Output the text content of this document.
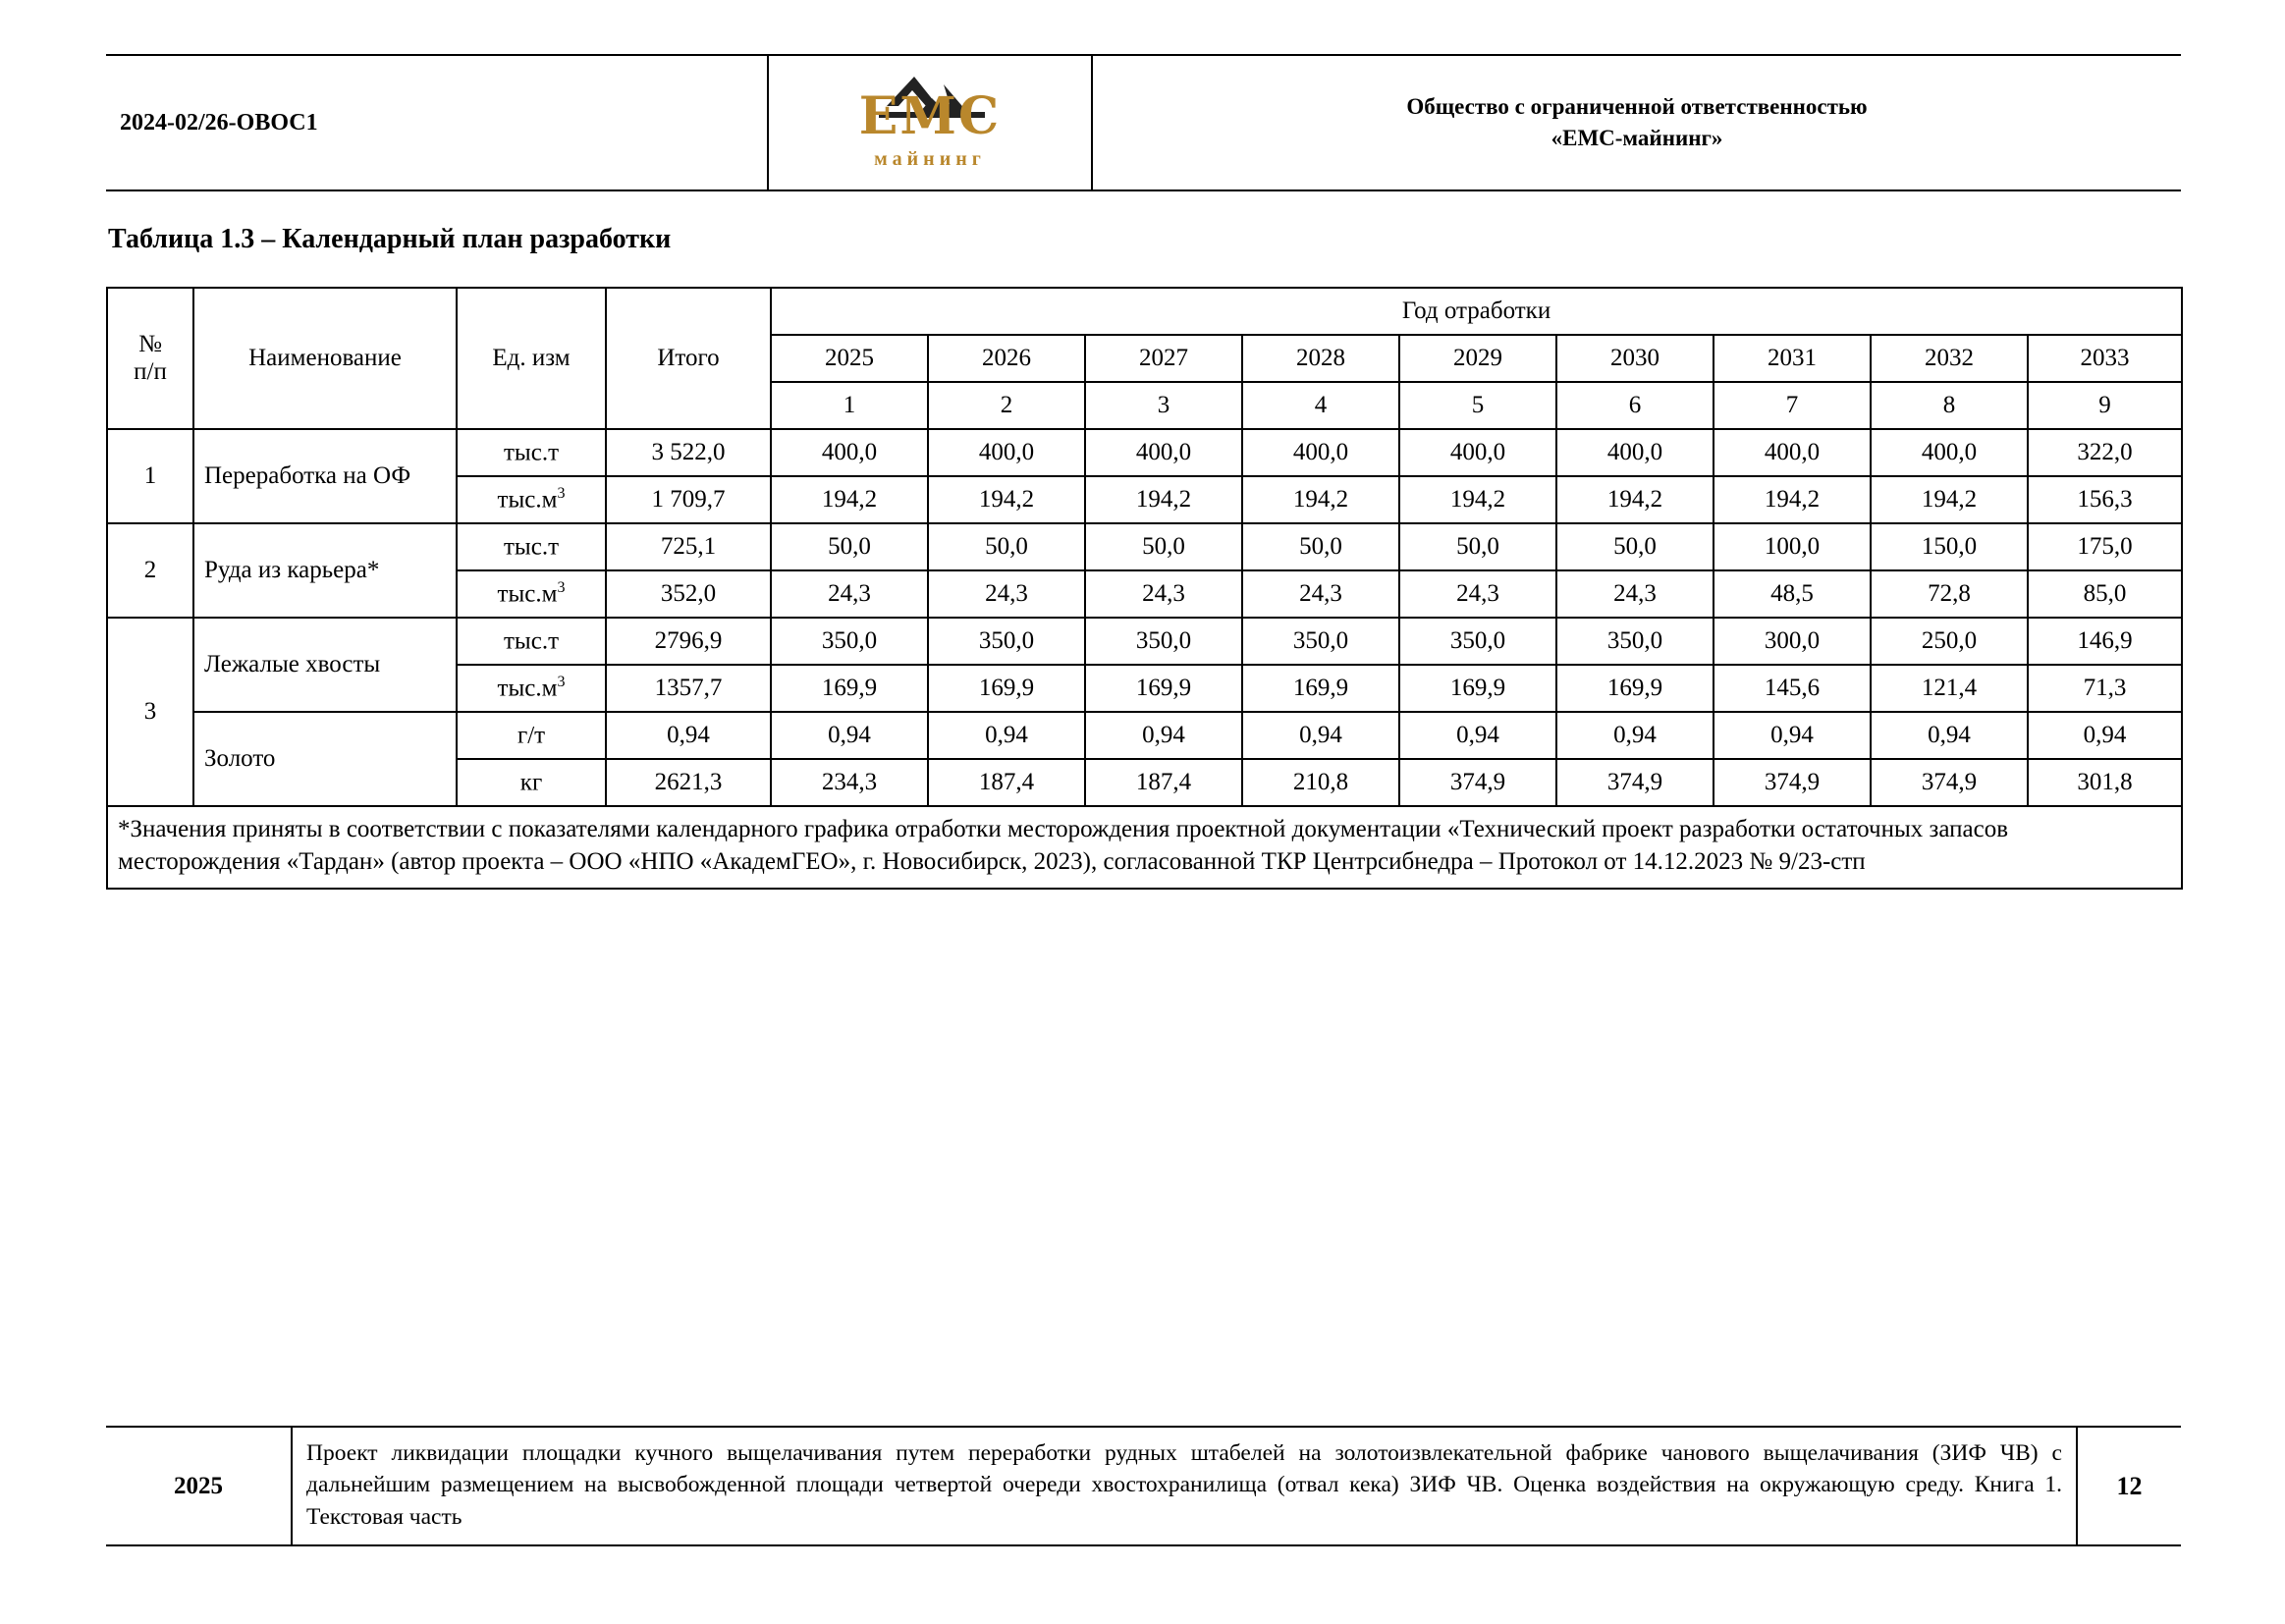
2024-02/26-ОВОС1	EMC
майнинг
Общество с ограниченной ответственностью
«ЕМС-майнинг»
Таблица 1.3 – Календарный план разработки
№
п/п	Наименование	Ед. изм	Итого	Год отработки								
				2025	2026	2027	2028	2029	2030	2031	2032	2033
				1	2	3	4	5	6	7	8	9
1	Переработка на ОФ	тыс.т	3 522,0	400,0	400,0	400,0	400,0	400,0	400,0	400,0	400,0	322,0
		$тыс.м^3$	1 709,7	194,2	194,2	194,2	194,2	194,2	194,2	194,2	194,2	156,3
2	Руда из карьера*	тыс.т	725,1	50,0	50,0	50,0	50,0	50,0	50,0	100,0	150,0	175,0
		$тыс.м^3$	352,0	24,3	24,3	24,3	24,3	24,3	24,3	48,5	72,8	85,0
3	Лежалые хвосты	тыс.т	2796,9	350,0	350,0	350,0	350,0	350,0	350,0	300,0	250,0	146,9
		$тыс.м^3$	1357,7	169,9	169,9	169,9	169,9	169,9	169,9	145,6	121,4	71,3
	Золото	г/т	0,94	0,94	0,94	0,94	0,94	0,94	0,94	0,94	0,94	0,94
		кг	2621,3	234,3	187,4	187,4	210,8	374,9	374,9	374,9	374,9	301,8
*Значения приняты в соответствии с показателями календарного графика отработки месторождения проектной документации «Технический проект разработки остаточных запасов месторождения «Тардан» (автор проекта – ООО «НПО «АкадемГЕО», г. Новосибирск, 2023), согласованной ТКР Центрсибнедра – Протокол от 14.12.2023 № 9/23-стп												
2025
Проект ликвидации площадки кучного выщелачивания путем переработки рудных штабелей на золотоизвлекательной фабрике чанового выщелачивания (ЗИФ ЧВ) с дальнейшим размещением на высвобожденной площади четвертой очереди хвостохранилища (отвал кека) ЗИФ ЧВ. Оценка воздействия на окружающую среду. Книга 1. Текстовая часть
12
